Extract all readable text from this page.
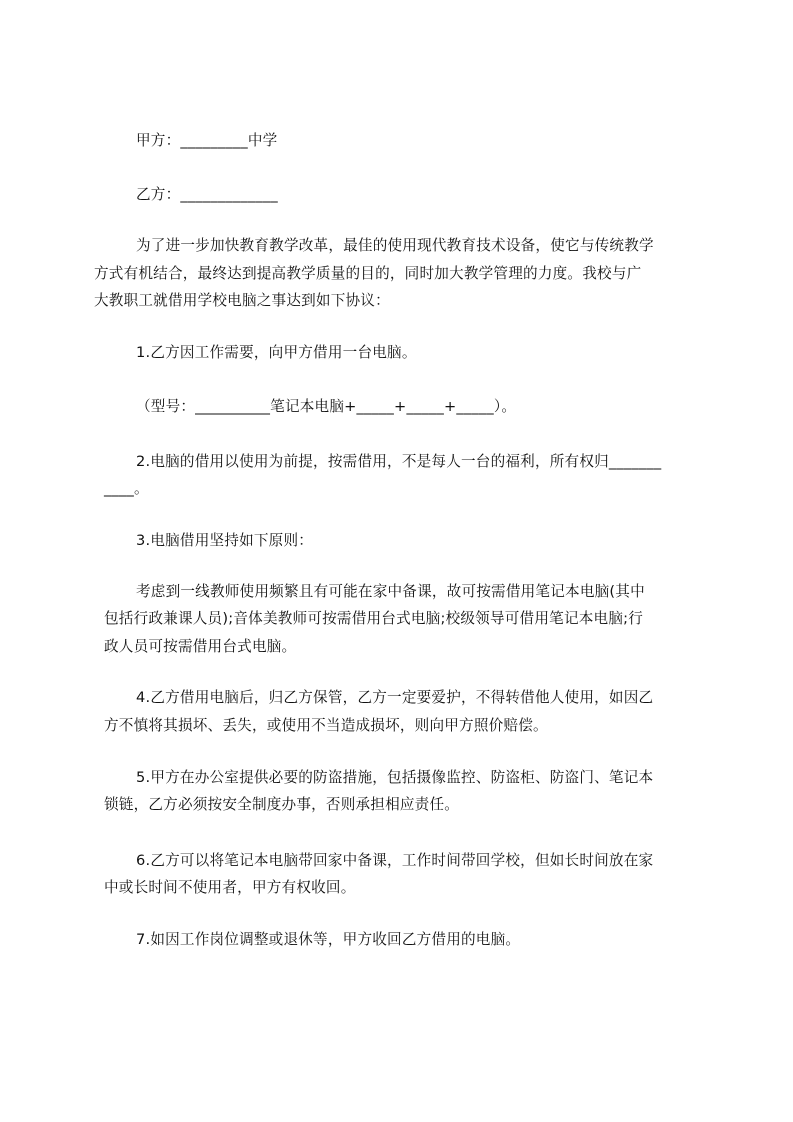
甲方：_________中学
乙方：_____________
为了进一步加快教育教学改革，最佳的使用现代教育技术设备，使它与传统教学
方式有机结合，最终达到提高教学质量的目的，同时加大教学管理的力度。我校与广
大教职工就借用学校电脑之事达到如下协议：
1.乙方因工作需要，向甲方借用一台电脑。
（型号：__________笔记本电脑+_____+_____+_____）。
2.电脑的借用以使用为前提，按需借用，不是每人一台的福利，所有权归_______
____。
3.电脑借用坚持如下原则：
考虑到一线教师使用频繁且有可能在家中备课，故可按需借用笔记本电脑(其中
包括行政兼课人员);音体美教师可按需借用台式电脑;校级领导可借用笔记本电脑;行
政人员可按需借用台式电脑。
4.乙方借用电脑后，归乙方保管，乙方一定要爱护，不得转借他人使用，如因乙
方不慎将其损坏、丢失，或使用不当造成损坏，则向甲方照价赔偿。
5.甲方在办公室提供必要的防盗措施，包括摄像监控、防盗柜、防盗门、笔记本
锁链，乙方必须按安全制度办事，否则承担相应责任。
6.乙方可以将笔记本电脑带回家中备课，工作时间带回学校，但如长时间放在家
中或长时间不使用者，甲方有权收回。
7.如因工作岗位调整或退休等，甲方收回乙方借用的电脑。
